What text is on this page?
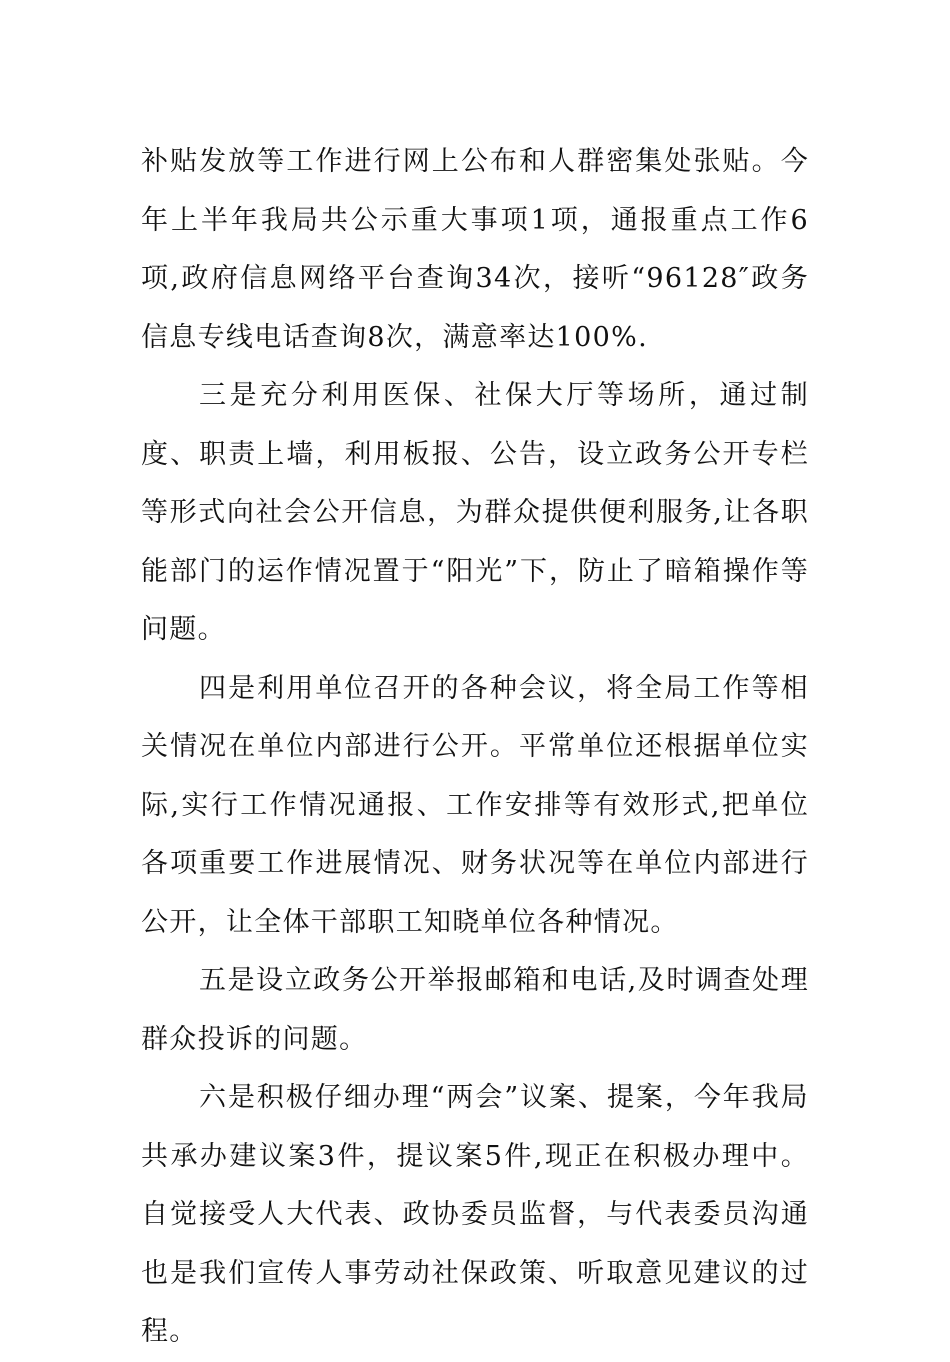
补贴发放等工作进行网上公布和人群密集处张贴。今年上半年我局共公示重大事项1项，通报重点工作6项,政府信息网络平台查询34次，接听“96128″政务信息专线电话查询8次，满意率达100%.

三是充分利用医保、社保大厅等场所，通过制度、职责上墙，利用板报、公告，设立政务公开专栏等形式向社会公开信息，为群众提供便利服务,让各职能部门的运作情况置于“阳光”下，防止了暗箱操作等问题。

四是利用单位召开的各种会议，将全局工作等相关情况在单位内部进行公开。平常单位还根据单位实际,实行工作情况通报、工作安排等有效形式,把单位各项重要工作进展情况、财务状况等在单位内部进行公开，让全体干部职工知晓单位各种情况。

五是设立政务公开举报邮箱和电话,及时调查处理群众投诉的问题。

六是积极仔细办理“两会”议案、提案，今年我局共承办建议案3件，提议案5件,现正在积极办理中。自觉接受人大代表、政协委员监督，与代表委员沟通也是我们宣传人事劳动社保政策、听取意见建议的过程。
